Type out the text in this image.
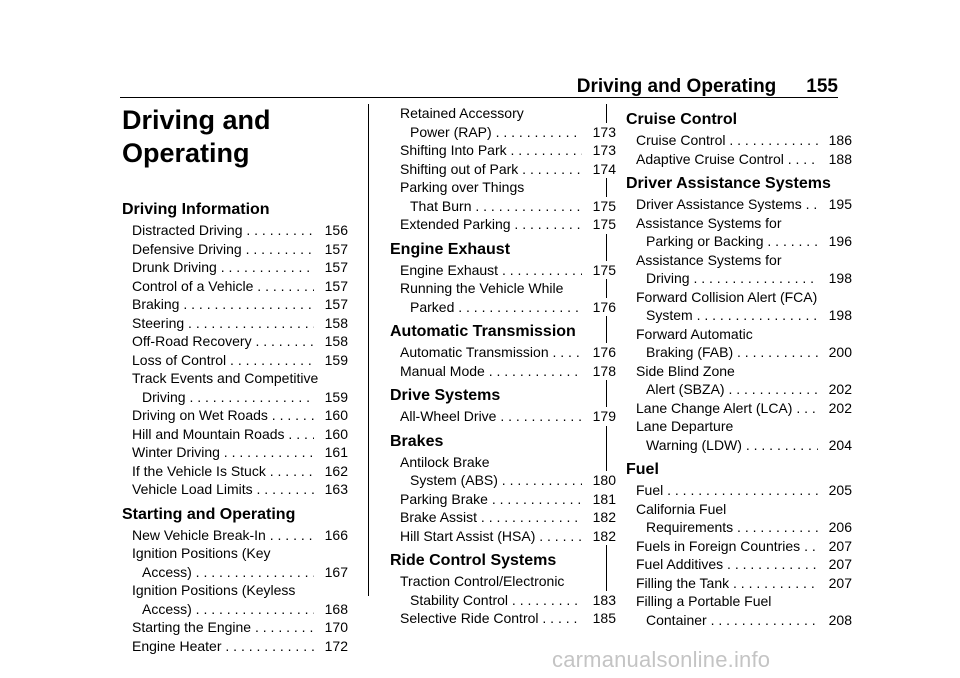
Driving and Operating 155
Driving and
Operating
Driving Information
Distracted Driving . . .	156
Defensive Driving . . .	157
Drunk Driving . . .	157
Control of a Vehicle . . .	157
Braking . . .	157
Steering . . .	158
Off-Road Recovery . . .	158
Loss of Control . . .	159
Track Events and Competitive
Driving . . .	159
Driving on Wet Roads . . .	160
Hill and Mountain Roads . . .	160
Winter Driving . . .	161
If the Vehicle Is Stuck . . .	162
Vehicle Load Limits . . .	163
Starting and Operating
New Vehicle Break-In . . .	166
Ignition Positions (Key
Access) . . .	167
Ignition Positions (Keyless
Access) . . .	168
Starting the Engine . . .	170
Engine Heater . . .	172
Retained Accessory
Power (RAP) . . .	173
Shifting Into Park . . .	173
Shifting out of Park . . .	174
Parking over Things
That Burn . . .	175
Extended Parking . . .	175
Engine Exhaust
Engine Exhaust . . .	175
Running the Vehicle While
Parked . . .	176
Automatic Transmission
Automatic Transmission . . .	176
Manual Mode . . .	178
Drive Systems
All-Wheel Drive . . .	179
Brakes
Antilock Brake
System (ABS) . . .	180
Parking Brake . . .	181
Brake Assist . . .	182
Hill Start Assist (HSA) . . .	182
Ride Control Systems
Traction Control/Electronic
Stability Control . . .	183
Selective Ride Control . . .	185
Cruise Control
Cruise Control . . .	186
Adaptive Cruise Control . . .	188
Driver Assistance Systems
Driver Assistance Systems . . .	195
Assistance Systems for
Parking or Backing . . .	196
Assistance Systems for
Driving . . .	198
Forward Collision Alert (FCA)
System . . .	198
Forward Automatic
Braking (FAB) . . .	200
Side Blind Zone
Alert (SBZA) . . .	202
Lane Change Alert (LCA) . . .	202
Lane Departure
Warning (LDW) . . .	204
Fuel
Fuel . . .	205
California Fuel
Requirements . . .	206
Fuels in Foreign Countries . . .	207
Fuel Additives . . .	207
Filling the Tank . . .	207
Filling a Portable Fuel
Container . . .	208
carmanualsonline.info
